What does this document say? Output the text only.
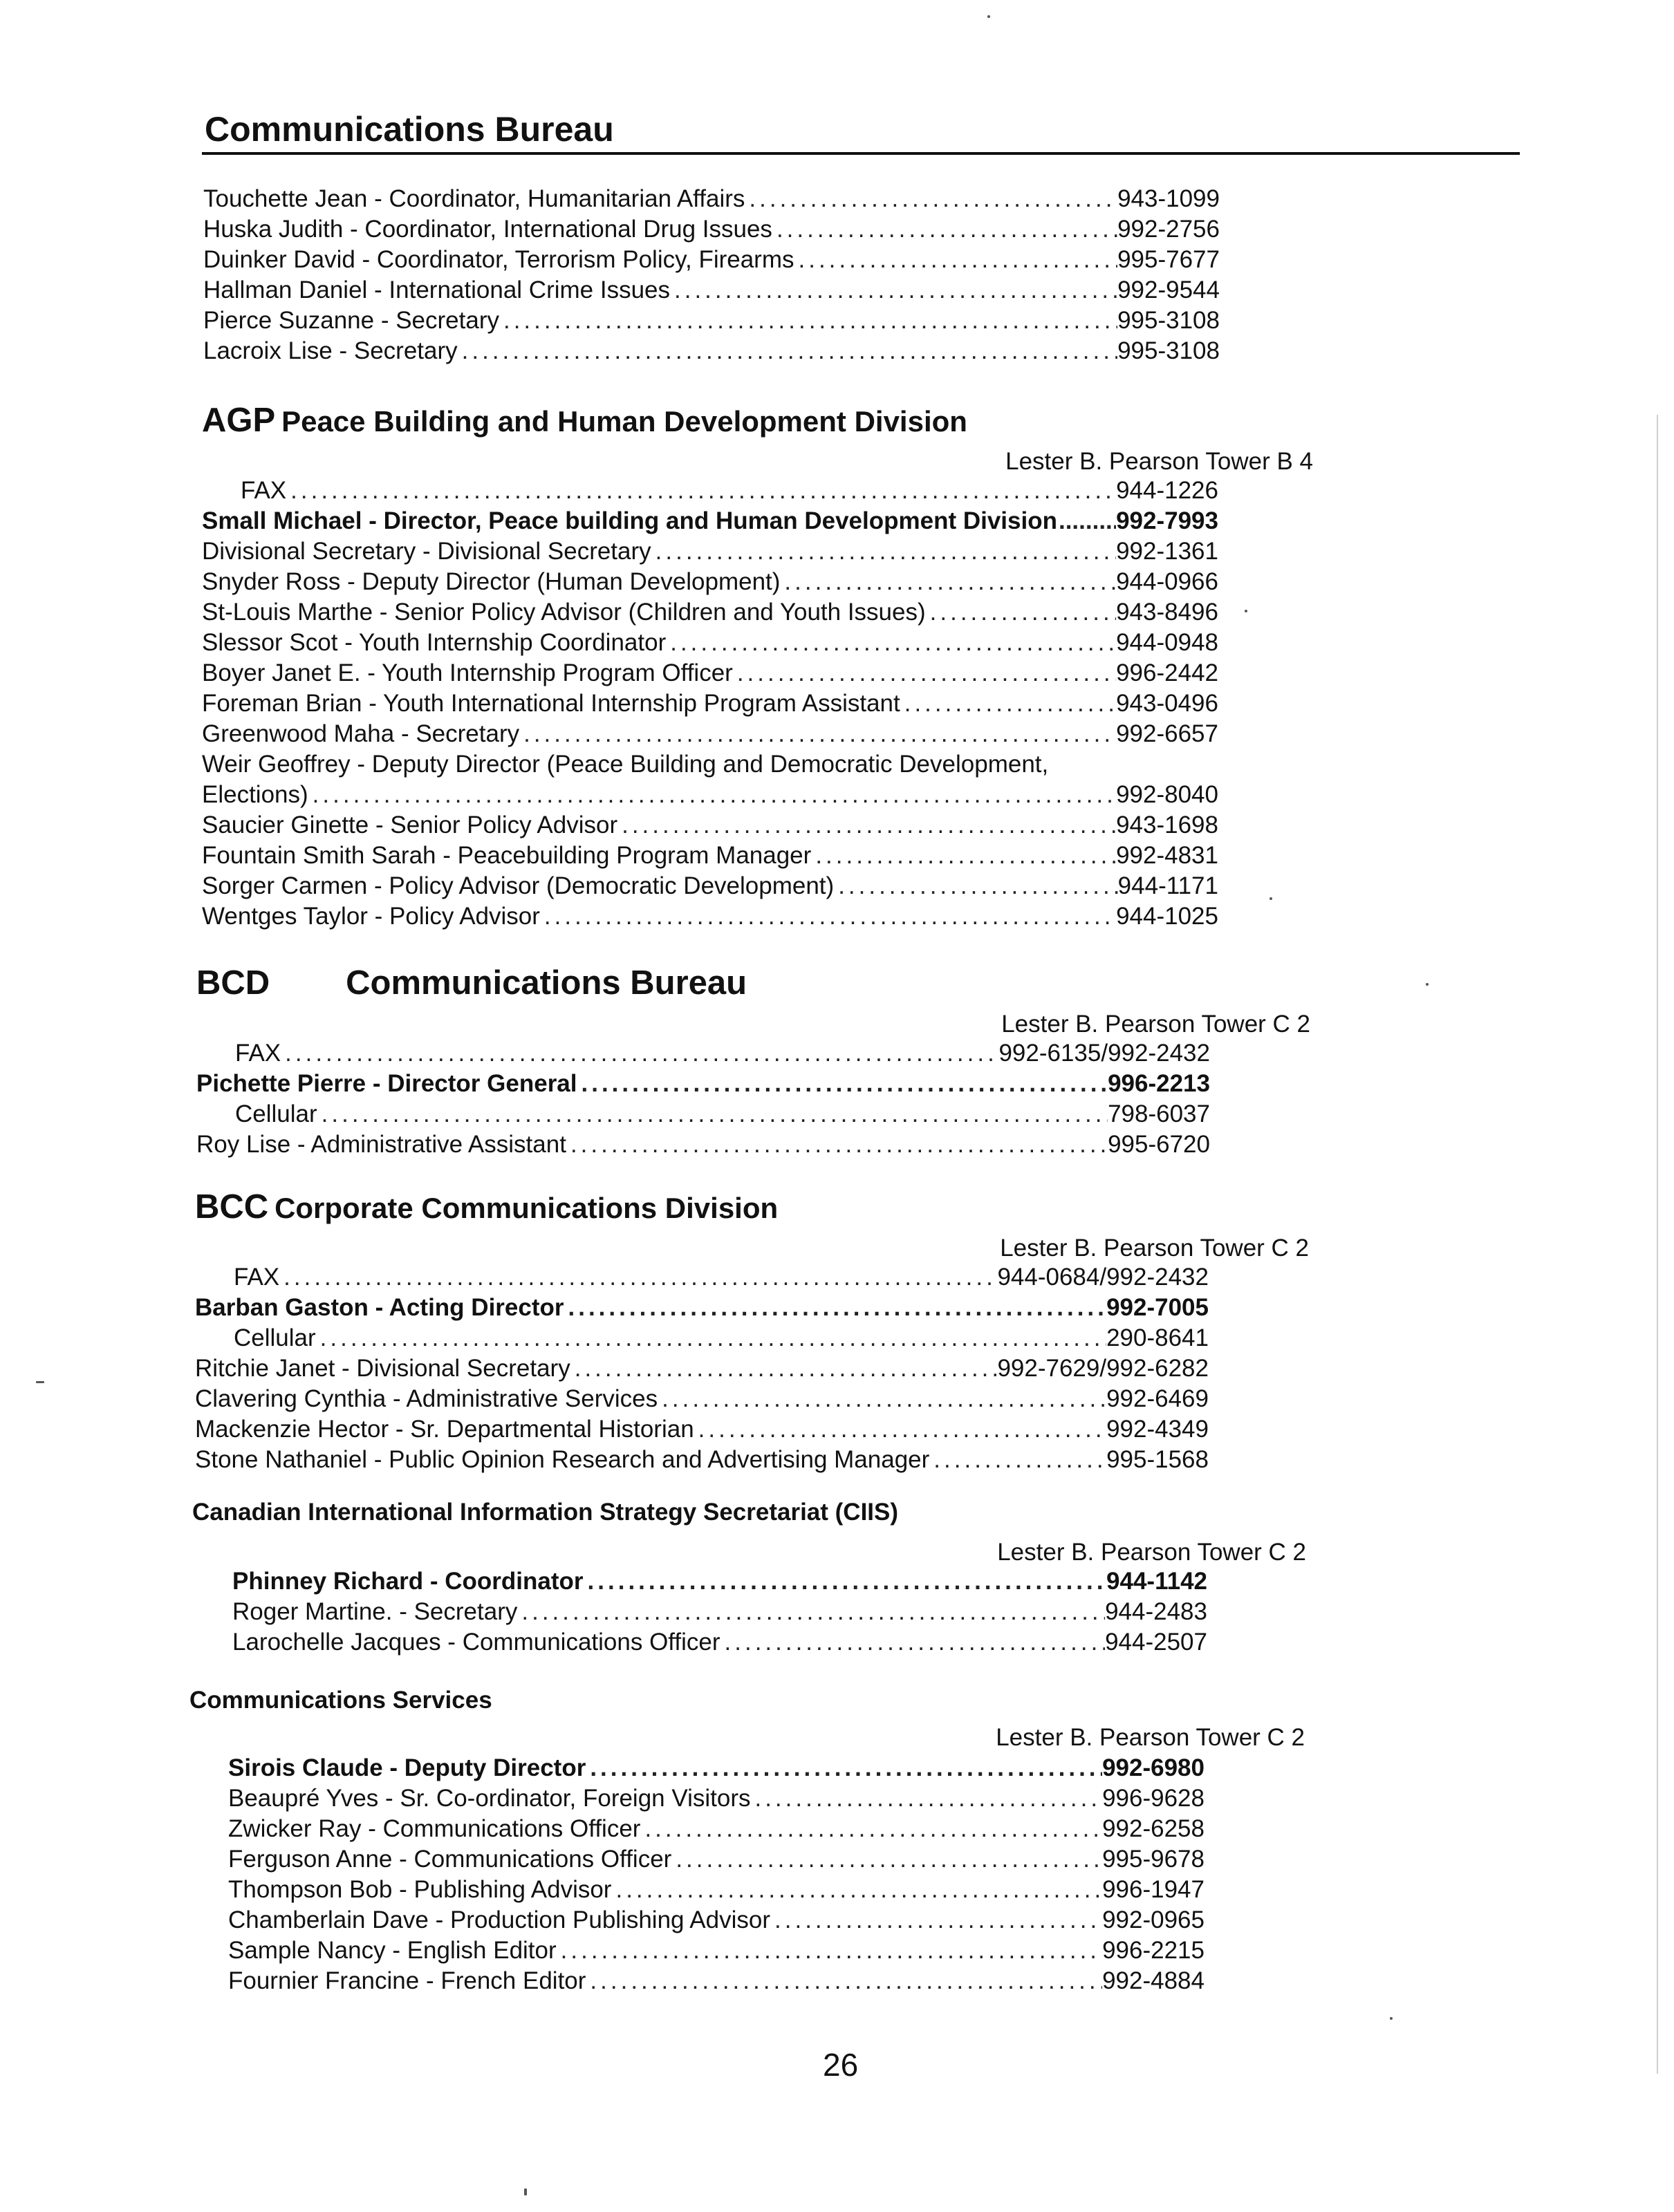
Communications Bureau
Touchette Jean - Coordinator, Humanitarian Affairs .....	943-1099
Huska Judith - Coordinator, International Drug Issues .....	992-2756
Duinker David - Coordinator, Terrorism Policy, Firearms .....	995-7677
Hallman Daniel - International Crime Issues .....	992-9544
Pierce Suzanne - Secretary .....	995-3108
Lacroix Lise - Secretary .....	995-3108
AGP Peace Building and Human Development Division
Lester B. Pearson Tower B 4
FAX .....	944-1226
Small Michael - Director, Peace building and Human Development Division ..... 992-7993
Divisional Secretary - Divisional Secretary .....	992-1361
Snyder Ross - Deputy Director (Human Development) .....	944-0966
St-Louis Marthe - Senior Policy Advisor (Children and Youth Issues) .....	943-8496
Slessor Scot - Youth Internship Coordinator .....	944-0948
Boyer Janet E. - Youth Internship Program Officer .....	996-2442
Foreman Brian - Youth International Internship Program Assistant .....	943-0496
Greenwood Maha - Secretary .....	992-6657
Weir Geoffrey - Deputy Director (Peace Building and Democratic Development,
Elections) .....	992-8040
Saucier Ginette - Senior Policy Advisor .....	943-1698
Fountain Smith Sarah - Peacebuilding Program Manager .....	992-4831
Sorger Carmen - Policy Advisor (Democratic Development) .....	944-1171
Wentges Taylor - Policy Advisor .....	944-1025
BCD Communications Bureau
Lester B. Pearson Tower C 2
FAX .....	992-6135/992-2432
Pichette Pierre - Director General .....	996-2213
Cellular .....	798-6037
Roy Lise - Administrative Assistant .....	995-6720
BCC Corporate Communications Division
Lester B. Pearson Tower C 2
FAX .....	944-0684/992-2432
Barban Gaston - Acting Director .....	992-7005
Cellular .....	290-8641
Ritchie Janet - Divisional Secretary .....	992-7629/992-6282
Clavering Cynthia - Administrative Services .....	992-6469
Mackenzie Hector - Sr. Departmental Historian .....	992-4349
Stone Nathaniel - Public Opinion Research and Advertising Manager .....	995-1568
Canadian International Information Strategy Secretariat (CIIS)
Lester B. Pearson Tower C 2
Phinney Richard - Coordinator .....	944-1142
Roger Martine. - Secretary .....	944-2483
Larochelle Jacques - Communications Officer .....	944-2507
Communications Services
Lester B. Pearson Tower C 2
Sirois Claude - Deputy Director .....	992-6980
Beaupré Yves - Sr. Co-ordinator, Foreign Visitors .....	996-9628
Zwicker Ray - Communications Officer .....	992-6258
Ferguson Anne - Communications Officer .....	995-9678
Thompson Bob - Publishing Advisor .....	996-1947
Chamberlain Dave - Production Publishing Advisor .....	992-0965
Sample Nancy - English Editor .....	996-2215
Fournier Francine - French Editor .....	992-4884
26
